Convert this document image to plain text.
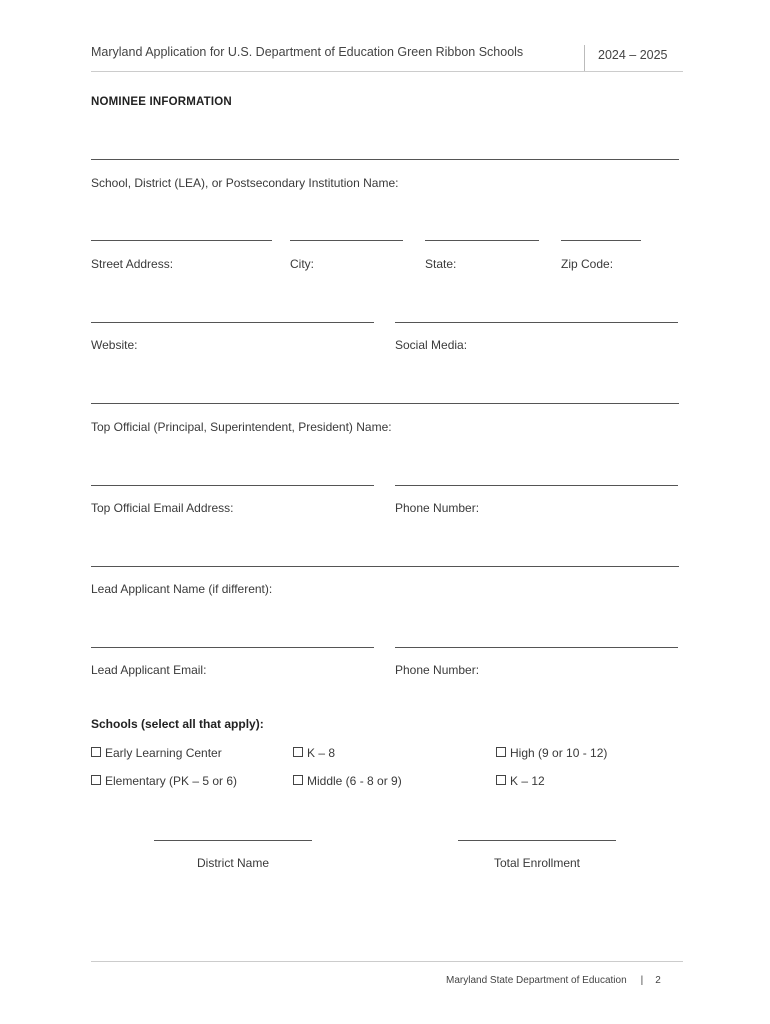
Maryland Application for U.S. Department of Education Green Ribbon Schools	2024 – 2025
NOMINEE INFORMATION
School, District (LEA), or Postsecondary Institution Name:
Street Address:	City:	State:	Zip Code:
Website:	Social Media:
Top Official (Principal, Superintendent, President) Name:
Top Official Email Address:	Phone Number:
Lead Applicant Name (if different):
Lead Applicant Email:	Phone Number:
Schools (select all that apply):
Early Learning Center	K – 8	High (9 or 10 - 12)
Elementary (PK – 5 or 6)	Middle (6 - 8 or 9)	K – 12
District Name	Total Enrollment
Maryland State Department of Education | 2
